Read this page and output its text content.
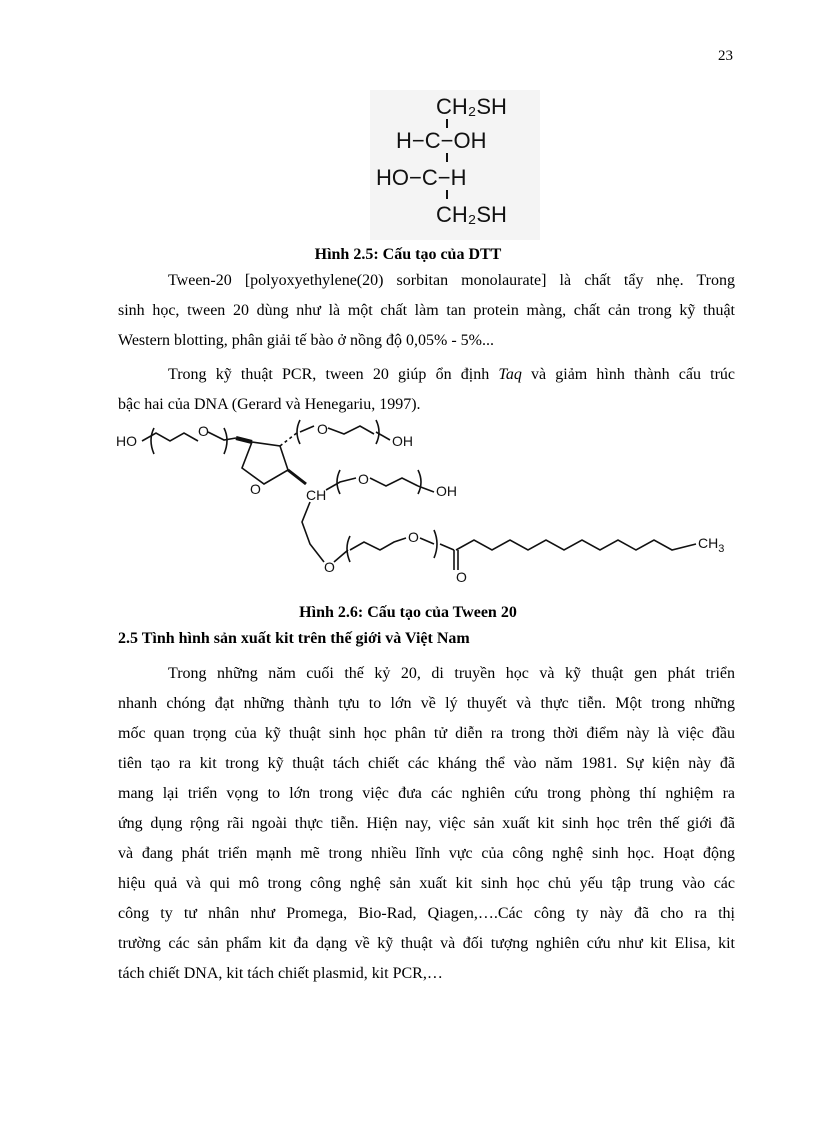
23
CH₂SH
H−C−OH
HO−C−H
CH₂SH
Hình 2.5: Cấu tạo của DTT
Tween-20 [polyoxyethylene(20) sorbitan monolaurate] là chất tẩy nhẹ. Trong
sinh học, tween 20 dùng như là một chất làm tan protein màng, chất cản trong kỹ thuật
Western blotting, phân giải tế bào ở nồng độ 0,05% - 5%...
Trong kỹ thuật PCR, tween 20 giúp ổn định Taq và giảm hình thành cấu trúc
bậc hai của DNA (Gerard và Henegariu, 1997).
HO
O	O
OH
O	CH
O
OH
O
O	$CH_3$
O
Hình 2.6: Cấu tạo của Tween 20
2.5 Tình hình sản xuất kit trên thế giới và Việt Nam
Trong những năm cuối thế kỷ 20, di truyền học và kỹ thuật gen phát triển
nhanh chóng đạt những thành tựu to lớn về lý thuyết và thực tiễn. Một trong những
mốc quan trọng của kỹ thuật sinh học phân tử diễn ra trong thời điểm này là việc đầu
tiên tạo ra kit trong kỹ thuật tách chiết các kháng thể vào năm 1981. Sự kiện này đã
mang lại triển vọng to lớn trong việc đưa các nghiên cứu trong phòng thí nghiệm ra
ứng dụng rộng rãi ngoài thực tiễn. Hiện nay, việc sản xuất kit sinh học trên thế giới đã
và đang phát triển mạnh mẽ trong nhiều lĩnh vực của công nghệ sinh học. Hoạt động
hiệu quả và qui mô trong công nghệ sản xuất kit sinh học chủ yếu tập trung vào các
công ty tư nhân như Promega, Bio-Rad, Qiagen,….Các công ty này đã cho ra thị
trường các sản phẩm kit đa dạng về kỹ thuật và đối tượng nghiên cứu như kit Elisa, kit
tách chiết DNA, kit tách chiết plasmid, kit PCR,…
